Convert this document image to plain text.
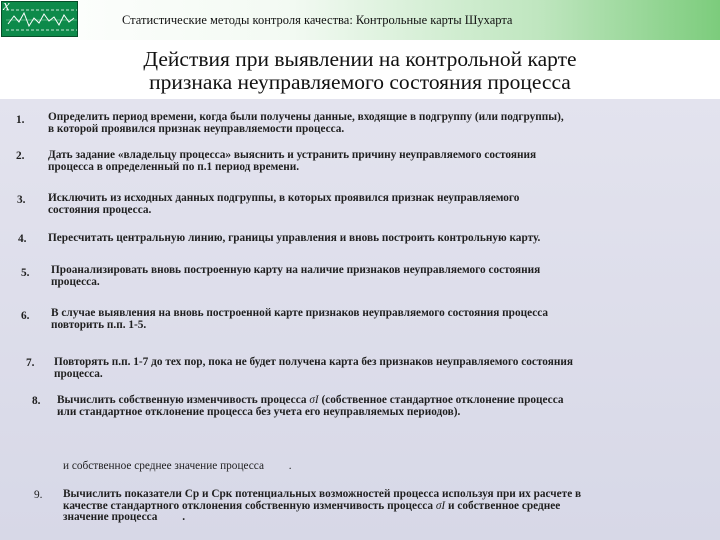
x
Статистические методы контроля качества: Контрольные карты Шухарта
Действия при выявлении на контрольной карте
признака неуправляемого состояния процесса
1. Определить период времени, когда были получены данные, входящие в подгруппу (или подгруппы),
в которой проявился признак неуправляемости процесса.
2. Дать задание «владельцу процесса» выяснить и устранить причину неуправляемого состояния
процесса в определенный по п.1 период времени.
3. Исключить из исходных данных подгруппы, в которых проявился признак неуправляемого
состояния процесса.
4. Пересчитать центральную линию, границы управления и вновь построить контрольную карту.
5. Проанализировать вновь построенную карту на наличие признаков неуправляемого состояния
процесса.
6. В случае выявления на вновь построенной карте признаков неуправляемого состояния процесса
повторить п.п. 1-5.
7. Повторять п.п. 1-7 до тех пор, пока не будет получена карта без признаков неуправляемого состояния
процесса.
8. Вычислить собственную изменчивость процесса σI (собственное стандартное отклонение процесса
или стандартное отклонение процесса без учета его неуправляемых периодов).
и собственное среднее значение процесса .
9. Вычислить показатели Ср и Срк потенциальных возможностей процесса используя при их расчете в
качестве стандартного отклонения собственную изменчивость процесса σI и собственное среднее
значение процесса .
